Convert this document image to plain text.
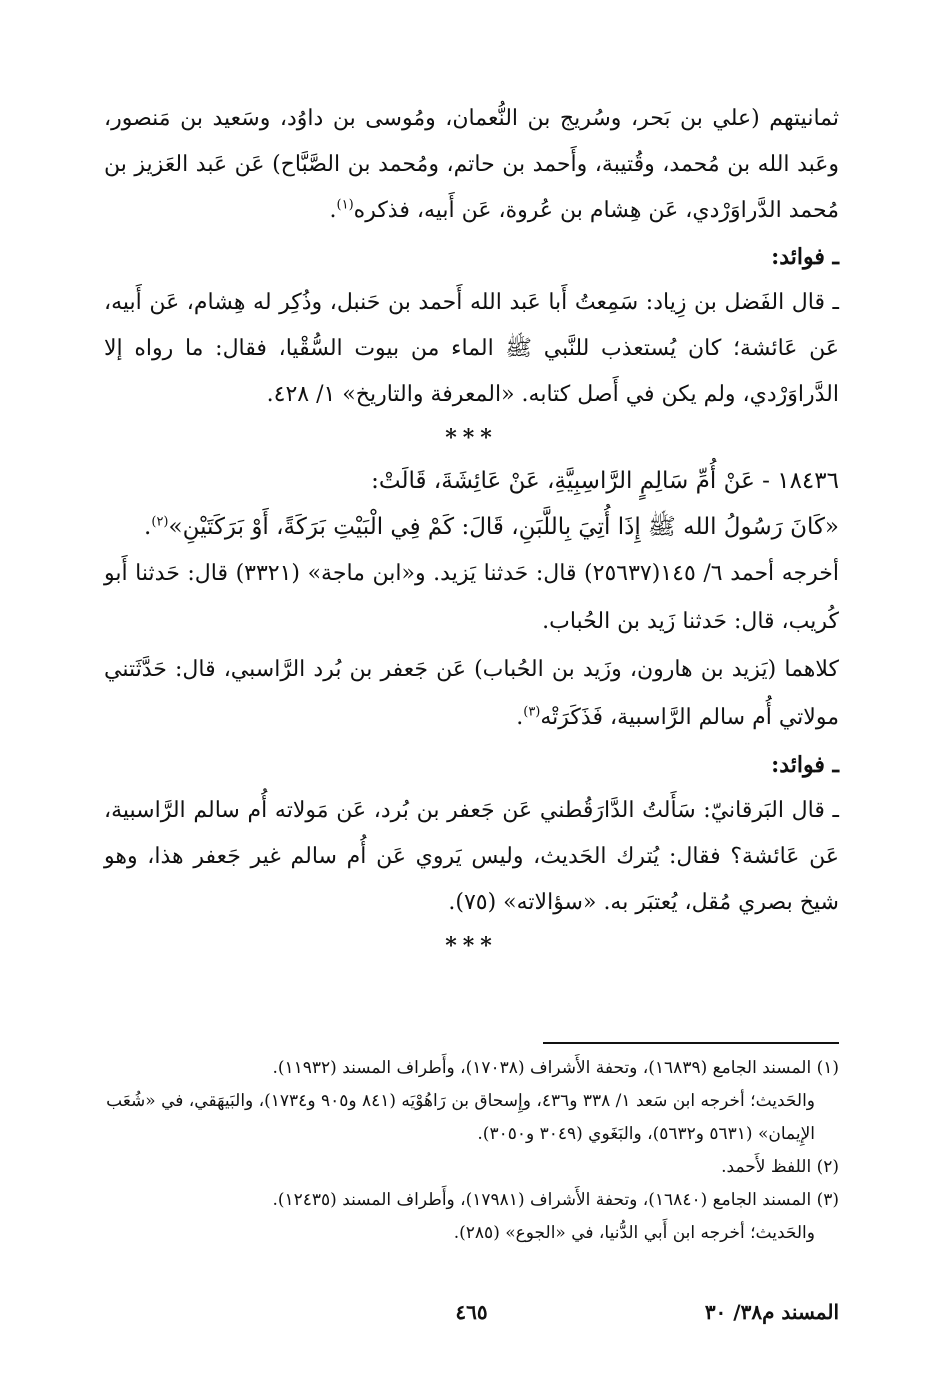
ثمانيتهم (علي بن بَحر، وسُريج بن النُّعمان، ومُوسى بن داوُد، وسَعيد بن مَنصور، وعَبد الله بن مُحمد، وقُتيبة، وأَحمد بن حاتم، ومُحمد بن الصَّبَّاح) عَن عَبد العَزيز بن مُحمد الدَّراوَرْدي، عَن هِشام بن عُروة، عَن أَبيه، فذكره$^{(١)}$.

ـ فوائد:

ـ قال الفَضل بن زِياد: سَمِعتُ أَبا عَبد الله أَحمد بن حَنبل، وذُكِر له هِشام، عَن أَبيه، عَن عَائشة؛ كان يُستعذب للنَّبي ﷺ الماء من بيوت السُّقْيا، فقال: ما رواه إلا الدَّراوَرْدي، ولم يكن في أَصل كتابه. «المعرفة والتاريخ» ١/ ٤٢٨.

***

١٨٤٣٦ - عَنْ أُمِّ سَالِمٍ الرَّاسِبِيَّةِ، عَنْ عَائِشَةَ، قَالَتْ:

«كَانَ رَسُولُ الله ﷺ إِذَا أُتِيَ بِاللَّبَنِ، قَالَ: كَمْ فِي الْبَيْتِ بَرَكَةً، أَوْ بَرَكَتَيْنِ»$^{(٢)}$.

أخرجه أحمد ٦/ ١٤٥(٢٥٦٣٧) قال: حَدثنا يَزيد. و«ابن ماجة» (٣٣٢١) قال: حَدثنا أَبو كُريب، قال: حَدثنا زَيد بن الحُباب.

كلاهما (يَزيد بن هارون، وزَيد بن الحُباب) عَن جَعفر بن بُرد الرَّاسبي، قال: حَدَّثَتني مولاتي أُم سالم الرَّاسبية، فَذَكَرَتْه$^{(٣)}$.

ـ فوائد:

ـ قال البَرقانيّ: سَأَلتُ الدَّارَقُطني عَن جَعفر بن بُرد، عَن مَولاته أُم سالم الرَّاسبية، عَن عَائشة؟ فقال: يُترك الحَديث، وليس يَروي عَن أُم سالم غير جَعفر هذا، وهو شيخ بصري مُقل، يُعتبَر به. «سؤالاته» (٧٥).

***

(١) المسند الجامع (١٦٨٣٩)، وتحفة الأَشراف (١٧٠٣٨)، وأَطراف المسند (١١٩٣٢).

والحَديث؛ أخرجه ابن سَعد ١/ ٣٣٨ و٤٣٦، وإِسحاق بن رَاهُوْيَه (٨٤١ و٩٠٥ و١٧٣٤)، والبَيهَقي، في «شُعَب الإِيمان» (٥٦٣١ و٥٦٣٢)، والبَغَوي (٣٠٤٩ و٣٠٥٠).

(٢) اللفظ لأَحمد.

(٣) المسند الجامع (١٦٨٤٠)، وتحفة الأَشراف (١٧٩٨١)، وأَطراف المسند (١٢٤٣٥).

والحَديث؛ أخرجه ابن أَبي الدُّنيا، في «الجوع» (٢٨٥).

المسند م٣٨/ ٣٠
٤٦٥
